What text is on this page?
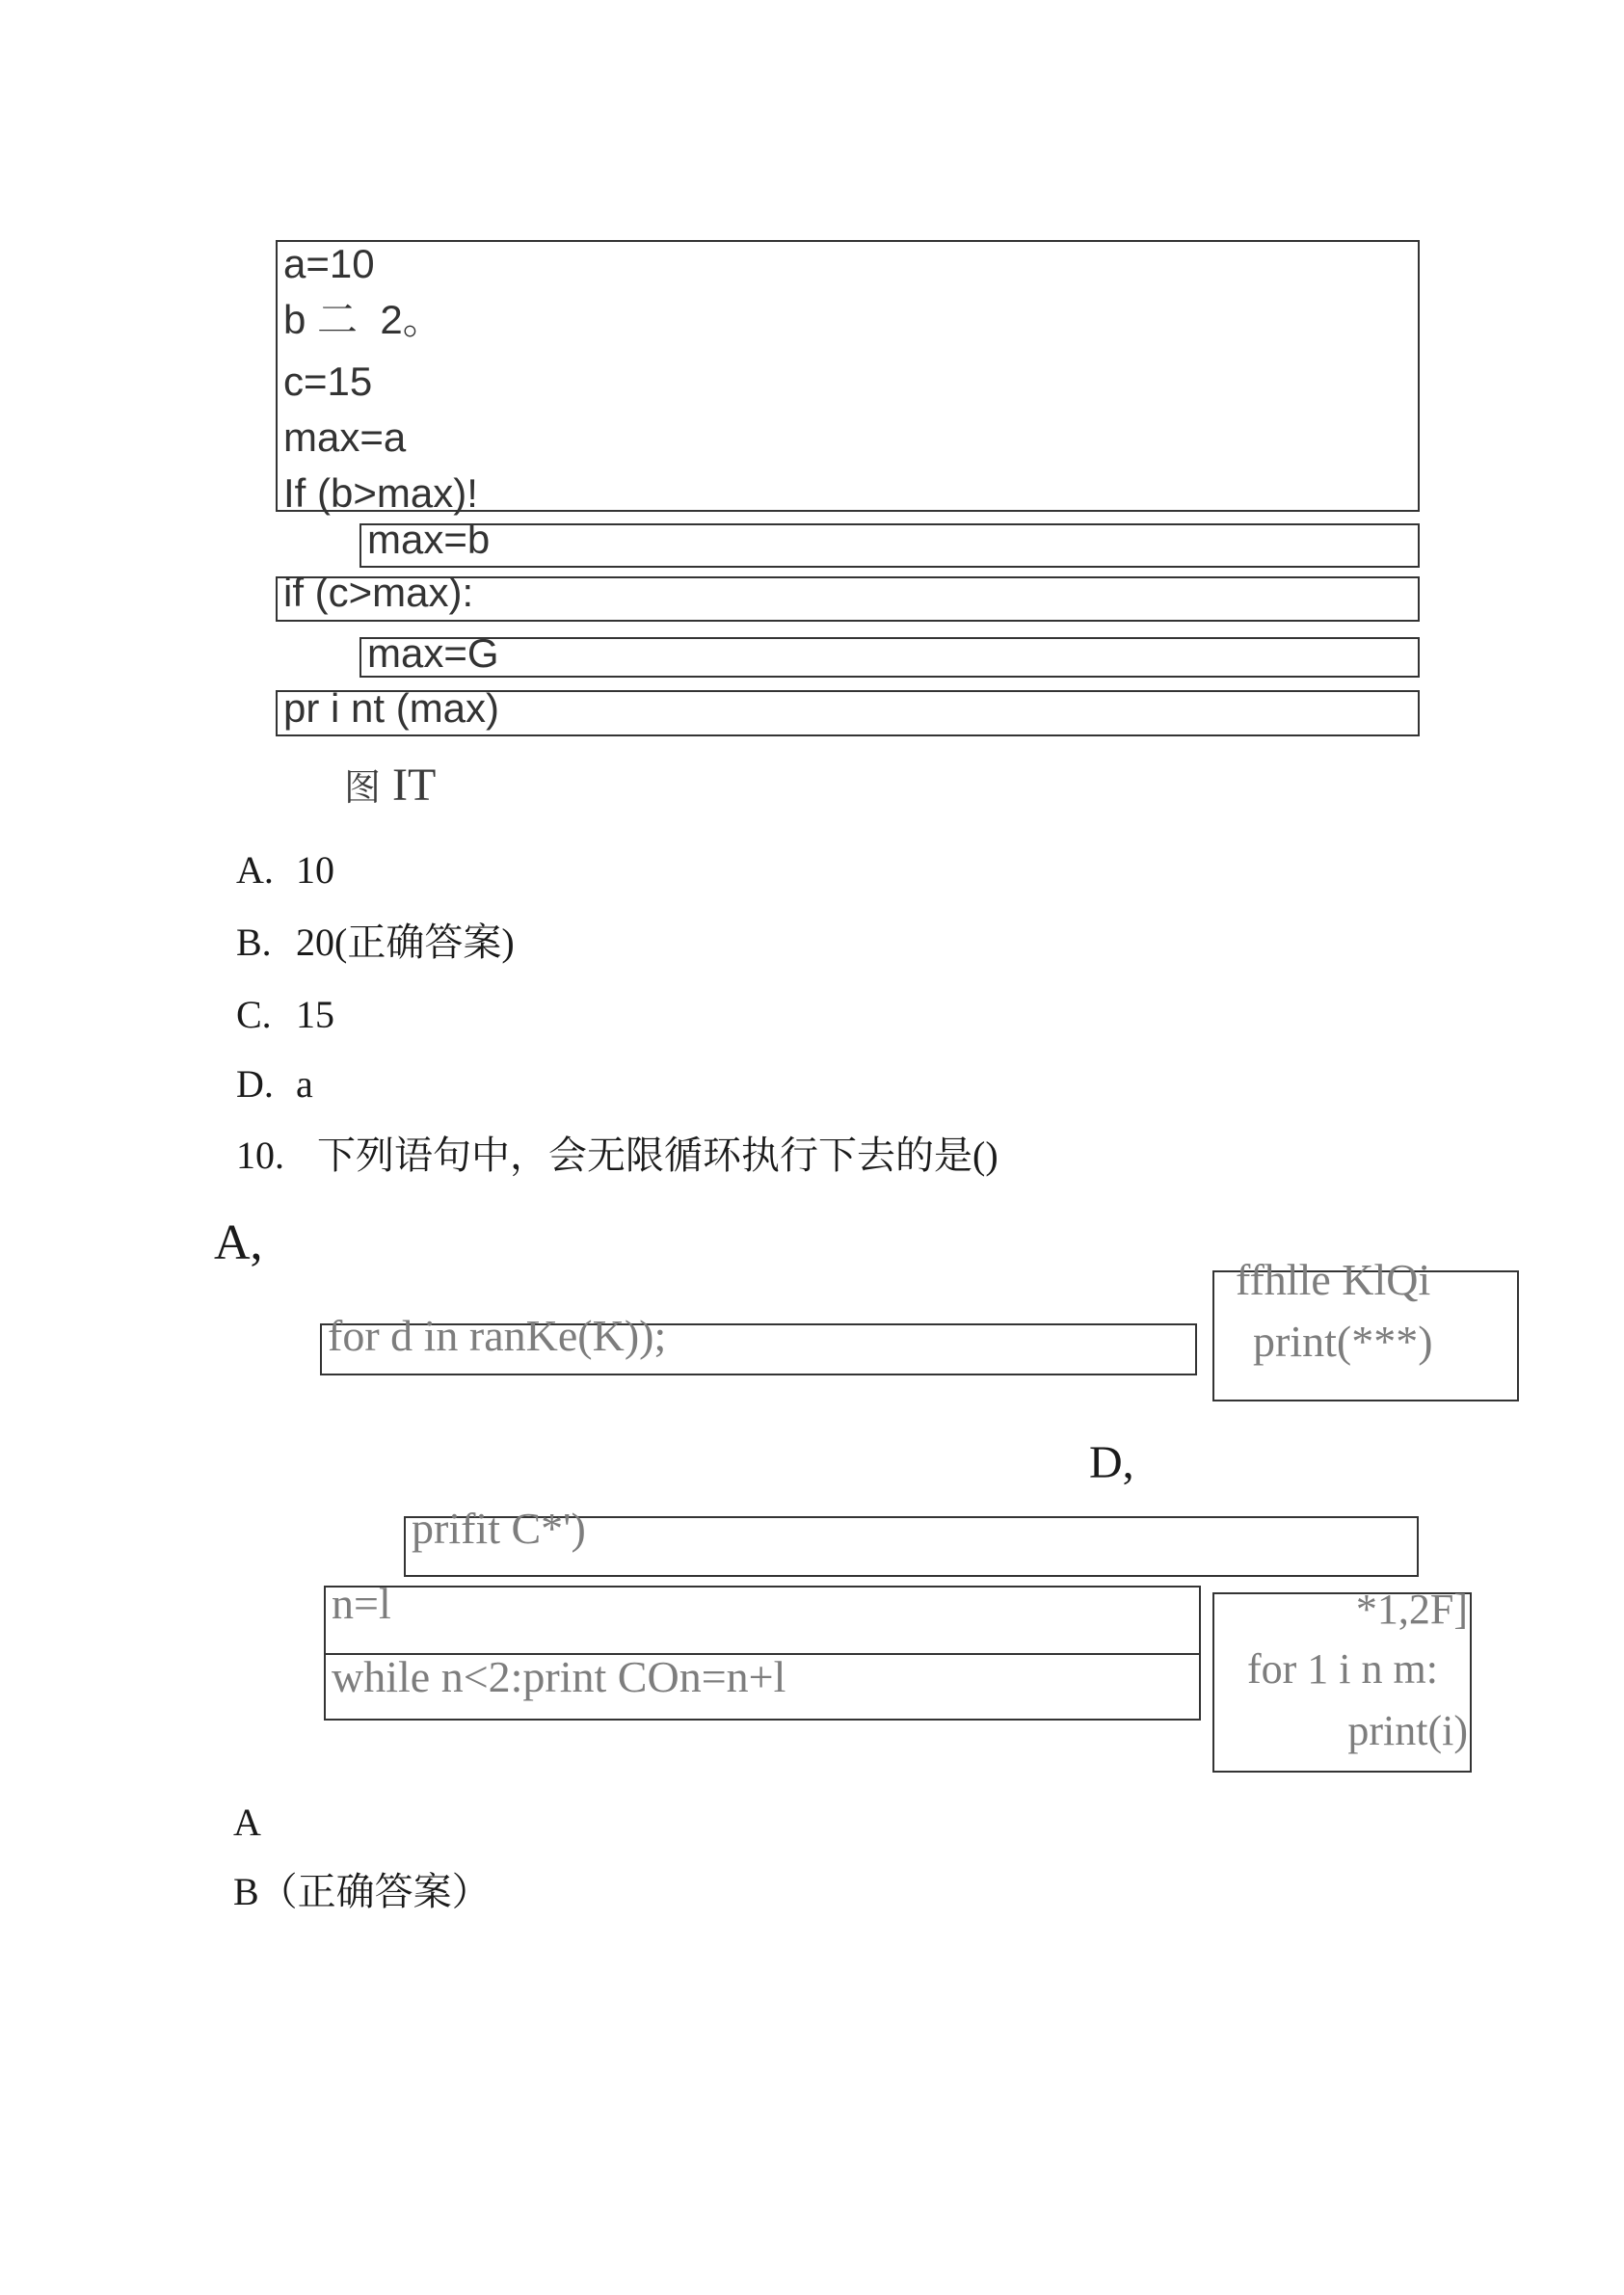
a=10
b 二  2。
c=15
max=a
If (b>max)!
max=b
if (c>max):
max=G
pr i nt (max)
图 IT
A. 10
B. 20(正确答案)
C. 15
D. a
10. 下列语句中，会无限循环执行下去的是()
A,
for d in ranKe(K));
ffhlle KlQi
print(***)
D,
prifit C*')
n=l
while n<2:print COn=n+l
*1,2F]
for 1 i n m:
print(i)
A
B（正确答案）
